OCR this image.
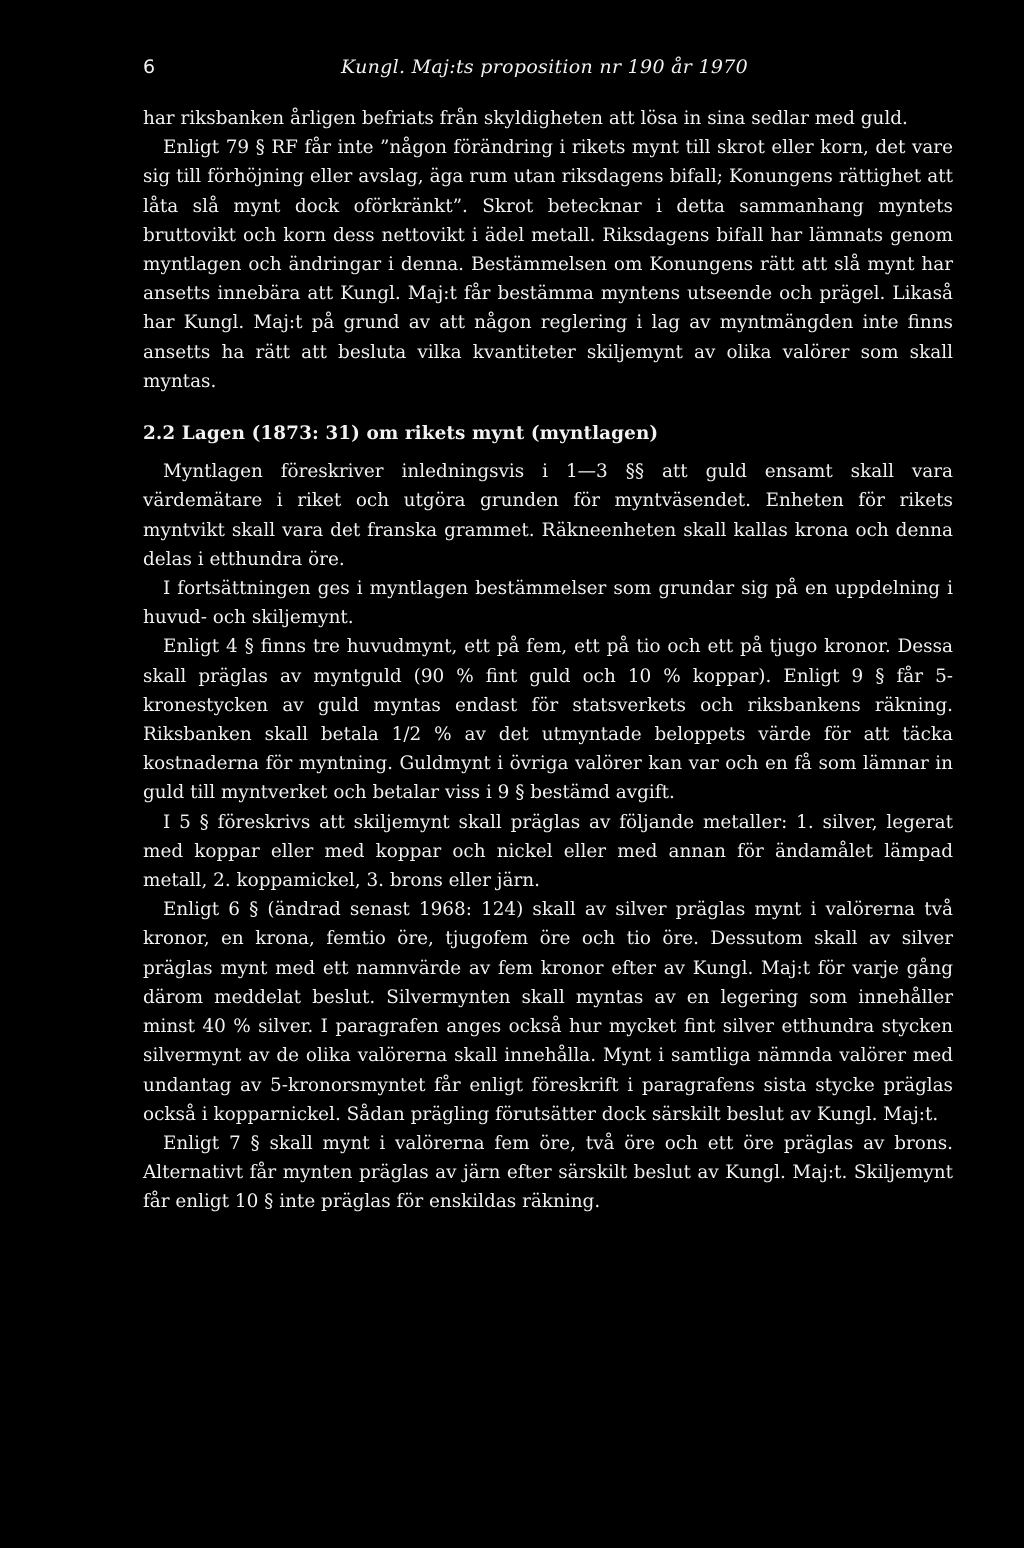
6	Kungl. Maj:ts proposition nr 190 år 1970

har riksbanken årligen befriats från skyldigheten att lösa in sina sedlar med guld.

Enligt 79 § RF får inte ”någon förändring i rikets mynt till skrot eller korn, det vare sig till förhöjning eller avslag, äga rum utan riksdagens bifall; Konungens rättighet att låta slå mynt dock oförkränkt”. Skrot betecknar i detta sammanhang myntets bruttovikt och korn dess nettovikt i ädel metall. Riksdagens bifall har lämnats genom myntlagen och ändringar i denna. Bestämmelsen om Konungens rätt att slå mynt har ansetts innebära att Kungl. Maj:t får bestämma myntens utseende och prägel. Likaså har Kungl. Maj:t på grund av att någon reglering i lag av myntmängden inte finns ansetts ha rätt att besluta vilka kvantiteter skiljemynt av olika valörer som skall myntas.

2.2 Lagen (1873: 31) om rikets mynt (myntlagen)

Myntlagen föreskriver inledningsvis i 1—3 §§ att guld ensamt skall vara värdemätare i riket och utgöra grunden för myntväsendet. Enheten för rikets myntvikt skall vara det franska grammet. Räkneenheten skall kallas krona och denna delas i etthundra öre.

I fortsättningen ges i myntlagen bestämmelser som grundar sig på en uppdelning i huvud- och skiljemynt.

Enligt 4 § finns tre huvudmynt, ett på fem, ett på tio och ett på tjugo kronor. Dessa skall präglas av myntguld (90 % fint guld och 10 % koppar). Enligt 9 § får 5-kronestycken av guld myntas endast för statsverkets och riksbankens räkning. Riksbanken skall betala 1/2 % av det utmyntade beloppets värde för att täcka kostnaderna för myntning. Guldmynt i övriga valörer kan var och en få som lämnar in guld till myntverket och betalar viss i 9 § bestämd avgift.

I 5 § föreskrivs att skiljemynt skall präglas av följande metaller: 1. silver, legerat med koppar eller med koppar och nickel eller med annan för ändamålet lämpad metall, 2. koppamickel, 3. brons eller järn.

Enligt 6 § (ändrad senast 1968: 124) skall av silver präglas mynt i valörerna två kronor, en krona, femtio öre, tjugofem öre och tio öre. Dessutom skall av silver präglas mynt med ett namnvärde av fem kronor efter av Kungl. Maj:t för varje gång därom meddelat beslut. Silvermynten skall myntas av en legering som innehåller minst 40 % silver. I paragrafen anges också hur mycket fint silver etthundra stycken silvermynt av de olika valörerna skall innehålla. Mynt i samtliga nämnda valörer med undantag av 5-kronorsmyntet får enligt föreskrift i paragrafens sista stycke präglas också i kopparnickel. Sådan prägling förutsätter dock särskilt beslut av Kungl. Maj:t.

Enligt 7 § skall mynt i valörerna fem öre, två öre och ett öre präglas av brons. Alternativt får mynten präglas av järn efter särskilt beslut av Kungl. Maj:t. Skiljemynt får enligt 10 § inte präglas för enskildas räkning.
